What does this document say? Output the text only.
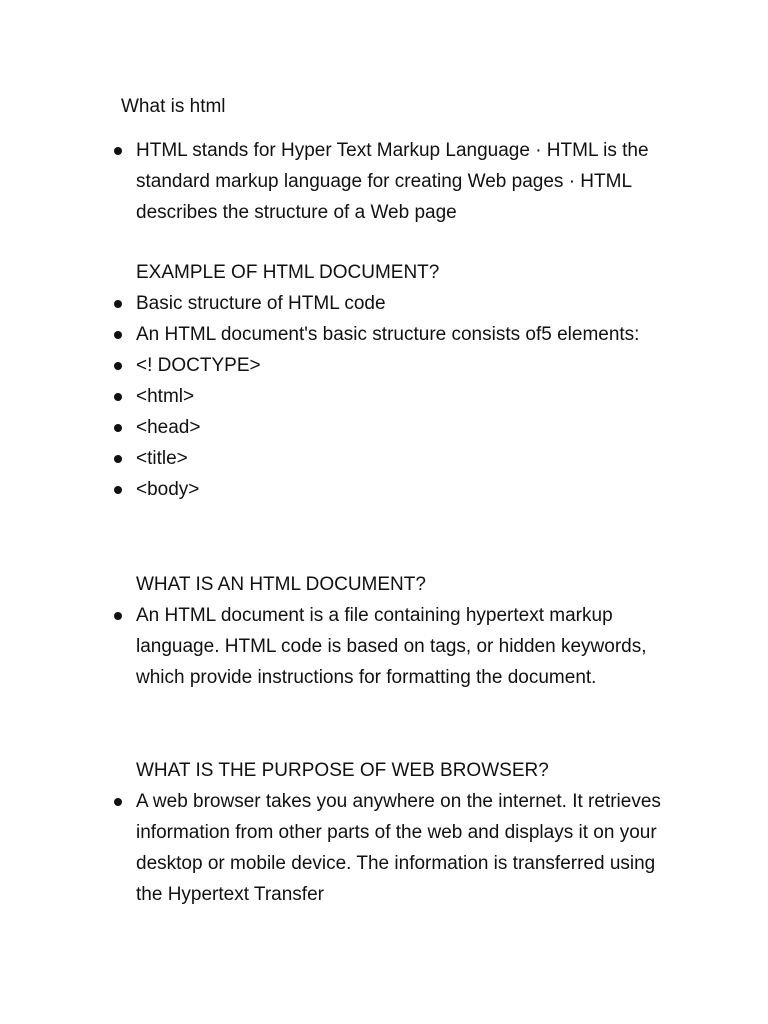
What is html
HTML stands for Hyper Text Markup Language · HTML is the standard markup language for creating Web pages · HTML describes the structure of a Web page
EXAMPLE OF HTML DOCUMENT?
Basic structure of HTML code
An HTML document's basic structure consists of5 elements:
<! DOCTYPE>
<html>
<head>
<title>
<body>
WHAT IS AN HTML DOCUMENT?
An HTML document is a file containing hypertext markup language. HTML code is based on tags, or hidden keywords, which provide instructions for formatting the document.
WHAT IS THE PURPOSE OF WEB BROWSER?
A web browser takes you anywhere on the internet. It retrieves information from other parts of the web and displays it on your desktop or mobile device. The information is transferred using the Hypertext Transfer
